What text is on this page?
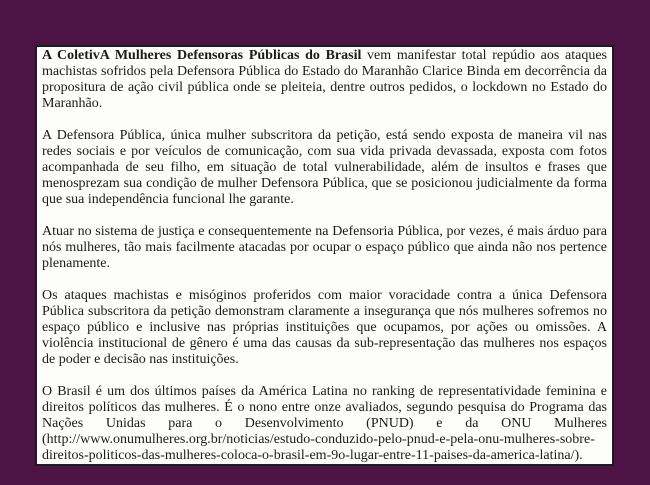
A ColetivA Mulheres Defensoras Públicas do Brasil vem manifestar total repúdio aos ataques machistas sofridos pela Defensora Pública do Estado do Maranhão Clarice Binda em decorrência da propositura de ação civil pública onde se pleiteia, dentre outros pedidos, o lockdown no Estado do Maranhão.

A Defensora Pública, única mulher subscritora da petição, está sendo exposta de maneira vil nas redes sociais e por veículos de comunicação, com sua vida privada devassada, exposta com fotos acompanhada de seu filho, em situação de total vulnerabilidade, além de insultos e frases que menosprezam sua condição de mulher Defensora Pública, que se posicionou judicialmente da forma que sua independência funcional lhe garante.

Atuar no sistema de justiça e consequentemente na Defensoria Pública, por vezes, é mais árduo para nós mulheres, tão mais facilmente atacadas por ocupar o espaço público que ainda não nos pertence plenamente.

Os ataques machistas e misóginos proferidos com maior voracidade contra a única Defensora Pública subscritora da petição demonstram claramente a insegurança que nós mulheres sofremos no espaço público e inclusive nas próprias instituições que ocupamos, por ações ou omissões. A violência institucional de gênero é uma das causas da sub-representação das mulheres nos espaços de poder e decisão nas instituições.

O Brasil é um dos últimos países da América Latina no ranking de representatividade feminina e direitos políticos das mulheres. É o nono entre onze avaliados, segundo pesquisa do Programa das Nações Unidas para o Desenvolvimento (PNUD) e da ONU Mulheres (http://www.onumulheres.org.br/noticias/estudo-conduzido-pelo-pnud-e-pela-onu-mulheres-sobre-direitos-politicos-das-mulheres-coloca-o-brasil-em-9o-lugar-entre-11-paises-da-america-latina/).
